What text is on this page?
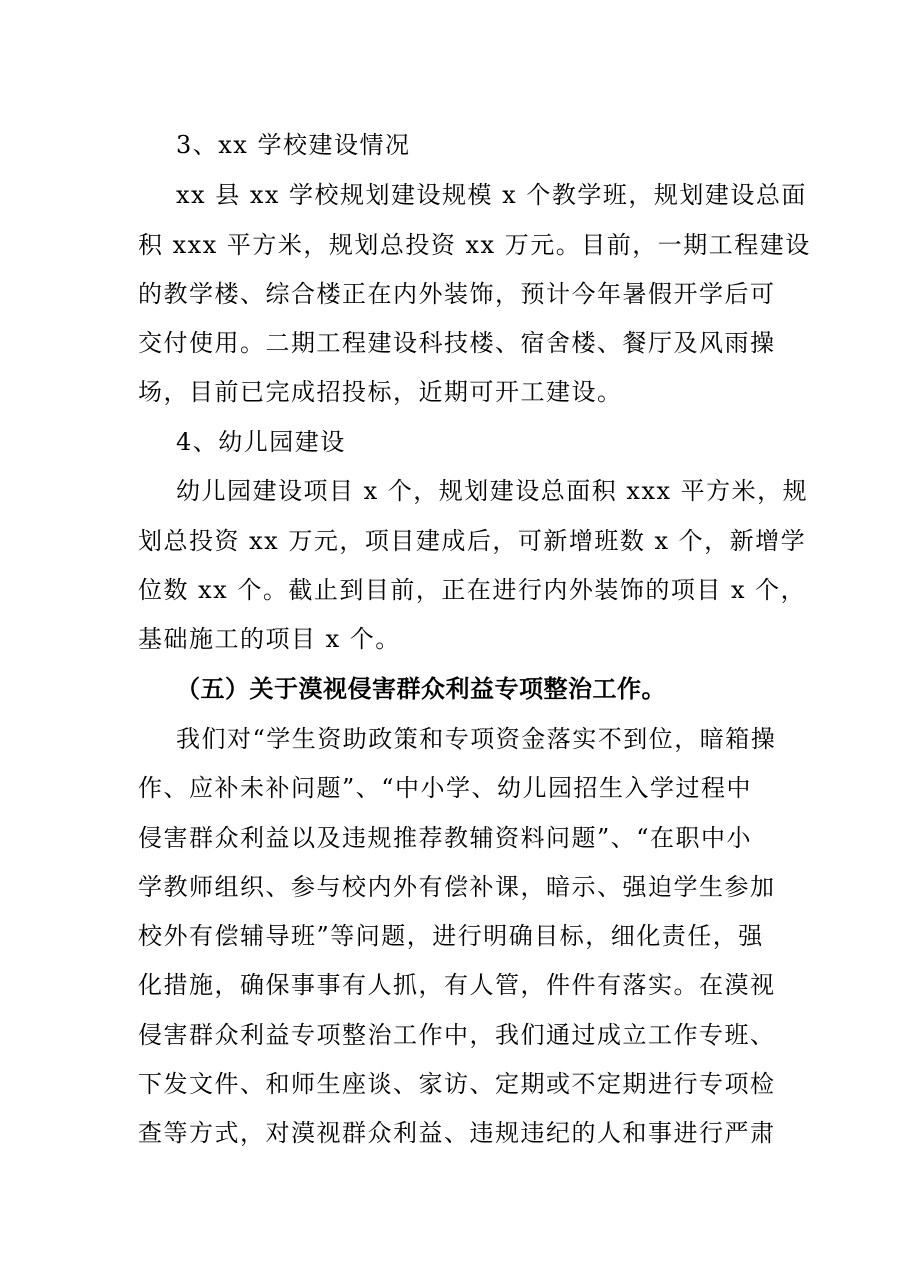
3、xx 学校建设情况
xx 县 xx 学校规划建设规模 x 个教学班，规划建设总面
积 xxx 平方米，规划总投资 xx 万元。目前，一期工程建设
的教学楼、综合楼正在内外装饰，预计今年暑假开学后可
交付使用。二期工程建设科技楼、宿舍楼、餐厅及风雨操
场，目前已完成招投标，近期可开工建设。
4、幼儿园建设
幼儿园建设项目 x 个，规划建设总面积 xxx 平方米，规
划总投资 xx 万元，项目建成后，可新增班数 x 个，新增学
位数 xx 个。截止到目前，正在进行内外装饰的项目 x 个，
基础施工的项目 x 个。
（五）关于漠视侵害群众利益专项整治工作。
我们对“学生资助政策和专项资金落实不到位，暗箱操
作、应补未补问题”、“中小学、幼儿园招生入学过程中
侵害群众利益以及违规推荐教辅资料问题”、“在职中小
学教师组织、参与校内外有偿补课，暗示、强迫学生参加
校外有偿辅导班”等问题，进行明确目标，细化责任，强
化措施，确保事事有人抓，有人管，件件有落实。在漠视
侵害群众利益专项整治工作中，我们通过成立工作专班、
下发文件、和师生座谈、家访、定期或不定期进行专项检
查等方式，对漠视群众利益、违规违纪的人和事进行严肃
